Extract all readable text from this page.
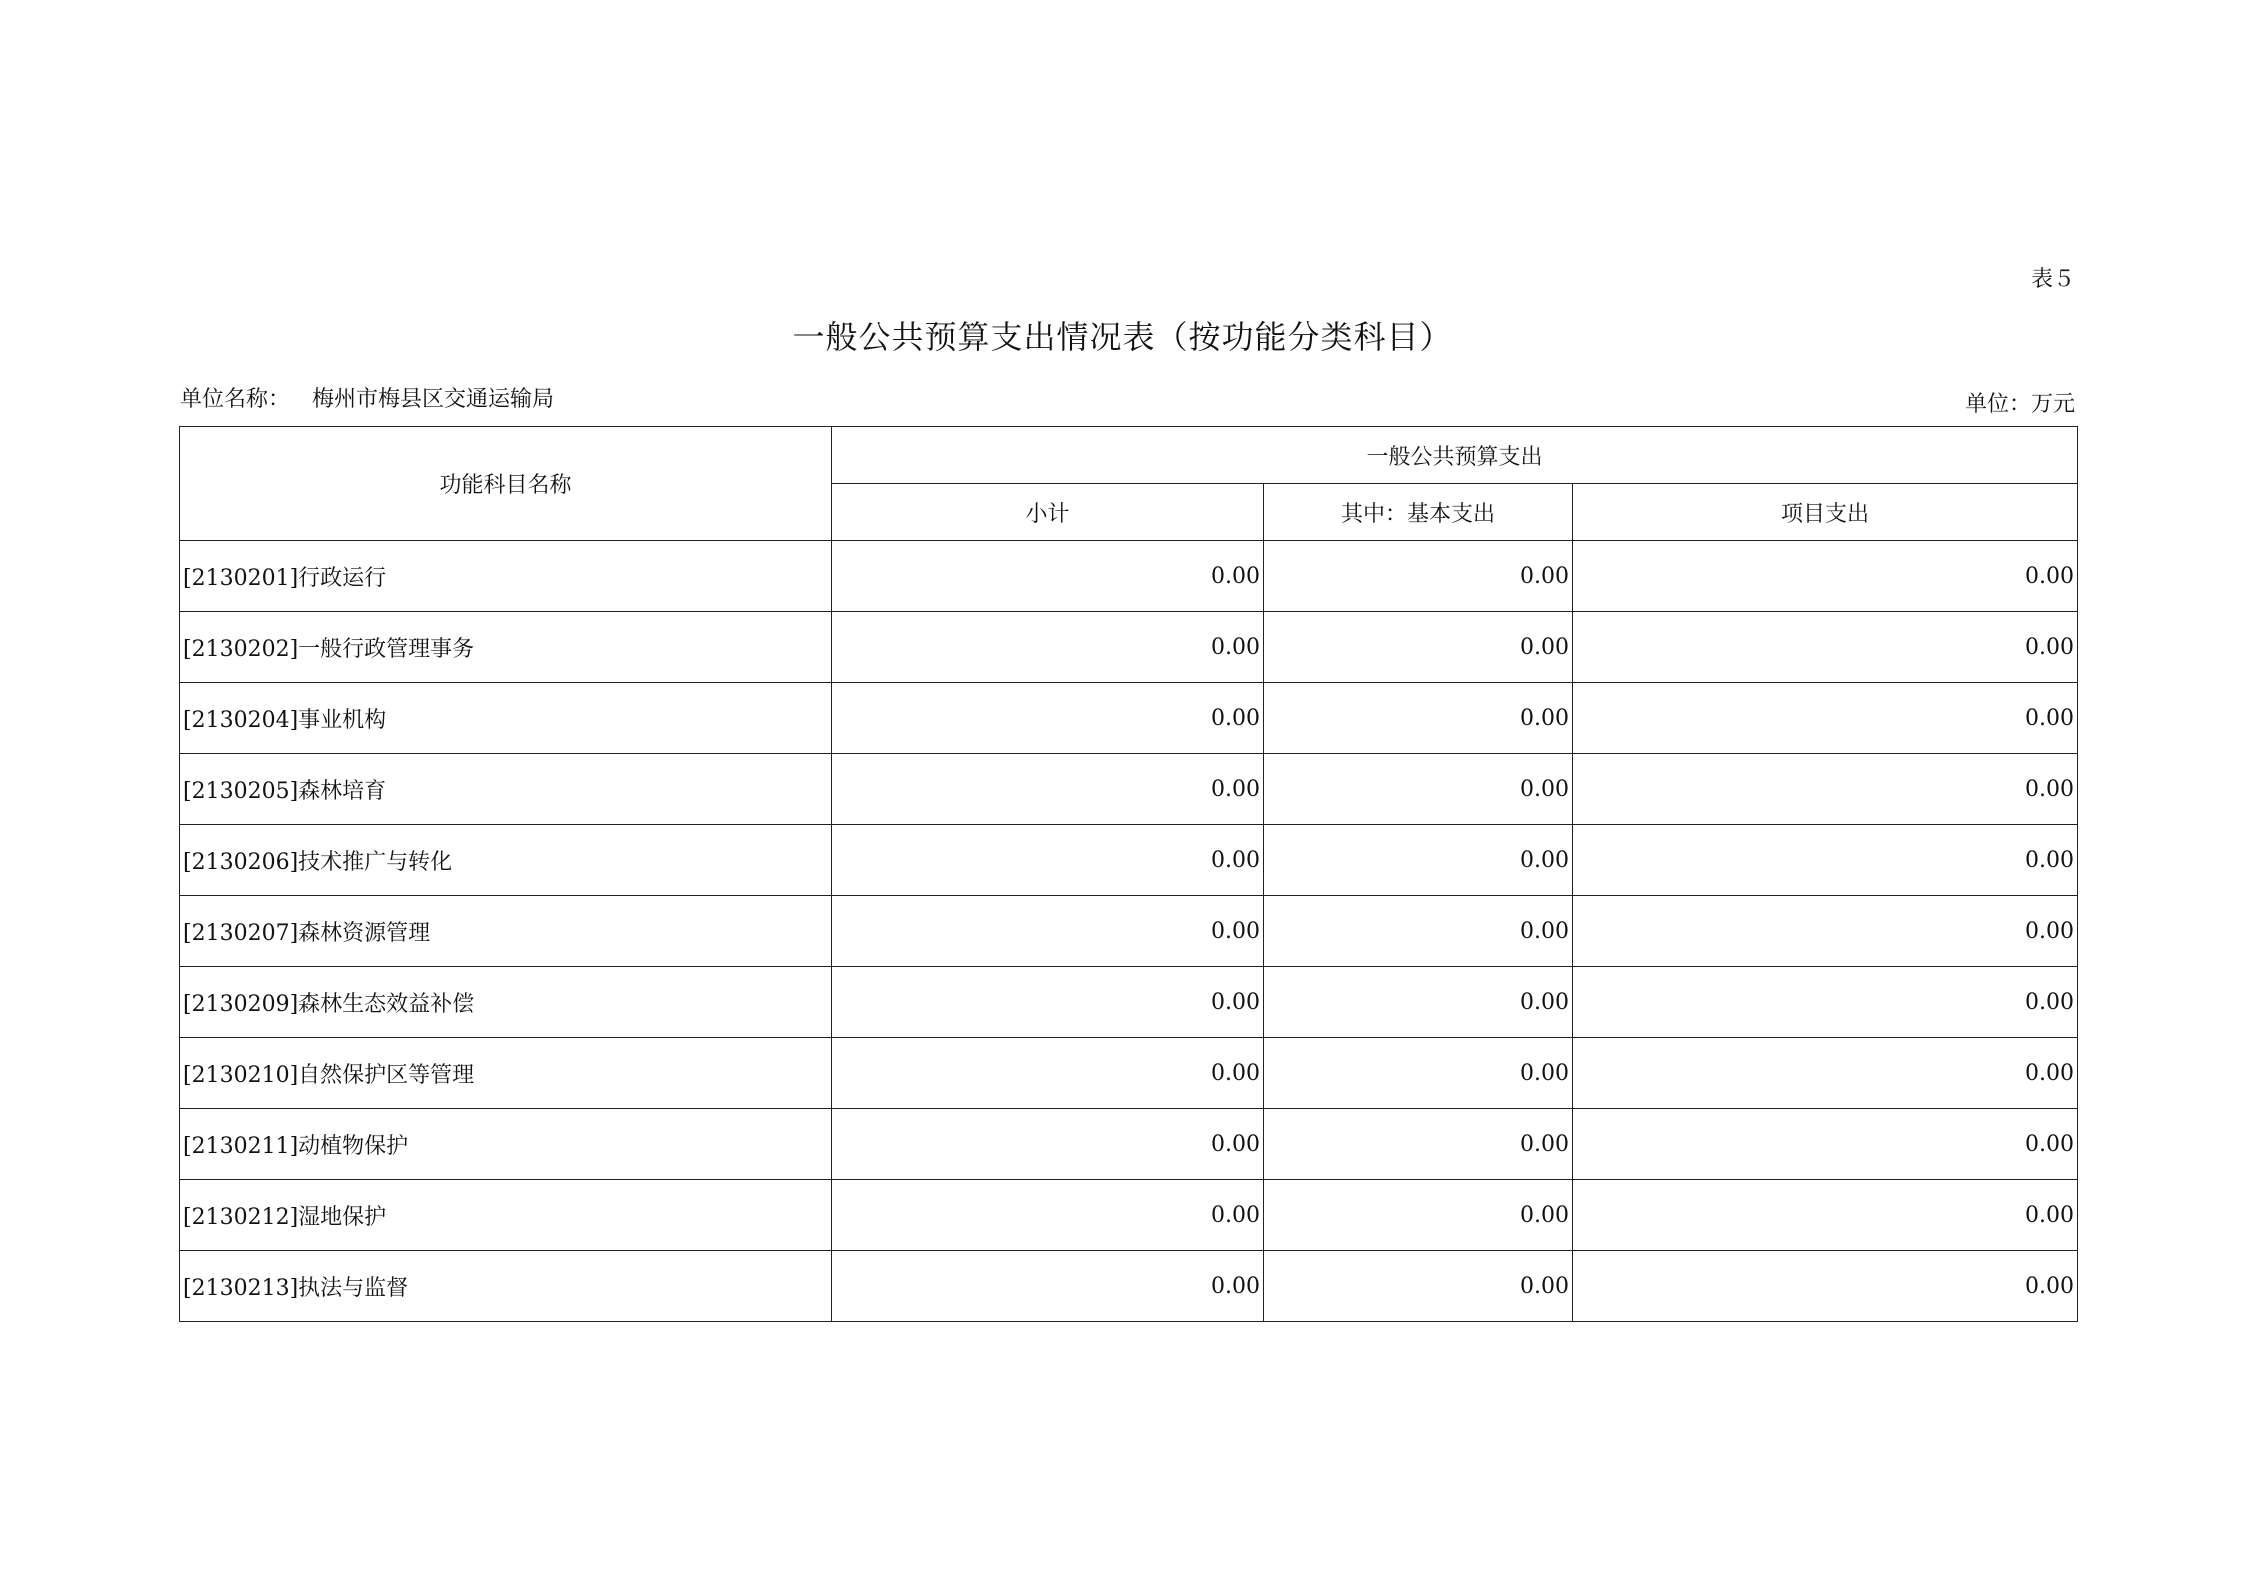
表５
一般公共预算支出情况表（按功能分类科目）
单位名称： 梅州市梅县区交通运输局	单位：万元
功能科目名称	一般公共预算支出		
	小计	其中：基本支出	项目支出
[2130201]行政运行	0.00	0.00	0.00
[2130202]一般行政管理事务	0.00	0.00	0.00
[2130204]事业机构	0.00	0.00	0.00
[2130205]森林培育	0.00	0.00	0.00
[2130206]技术推广与转化	0.00	0.00	0.00
[2130207]森林资源管理	0.00	0.00	0.00
[2130209]森林生态效益补偿	0.00	0.00	0.00
[2130210]自然保护区等管理	0.00	0.00	0.00
[2130211]动植物保护	0.00	0.00	0.00
[2130212]湿地保护	0.00	0.00	0.00
[2130213]执法与监督	0.00	0.00	0.00
